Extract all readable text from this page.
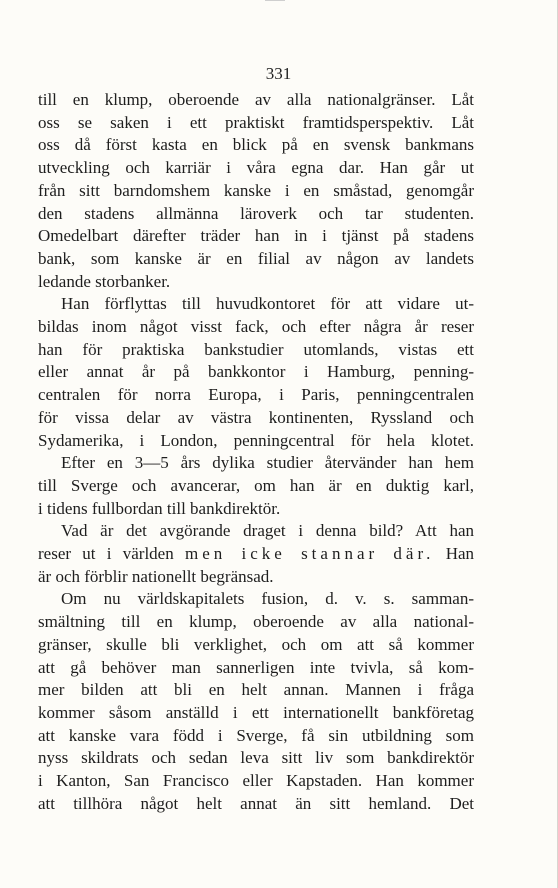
331
till en klump, oberoende av alla nationalgränser. Låt
oss se saken i ett praktiskt framtidsperspektiv. Låt
oss då först kasta en blick på en svensk bankmans
utveckling och karriär i våra egna dar. Han går ut
från sitt barndomshem kanske i en småstad, genomgår
den stadens allmänna läroverk och tar studenten.
Omedelbart därefter träder han in i tjänst på stadens
bank, som kanske är en filial av någon av landets
ledande storbanker.
Han förflyttas till huvudkontoret för att vidare ut-
bildas inom något visst fack, och efter några år reser
han för praktiska bankstudier utomlands, vistas ett
eller annat år på bankkontor i Hamburg, penning-
centralen för norra Europa, i Paris, penningcentralen
för vissa delar av västra kontinenten, Ryssland och
Sydamerika, i London, penningcentral för hela klotet.
Efter en 3—5 års dylika studier återvänder han hem
till Sverge och avancerar, om han är en duktig karl,
i tidens fullbordan till bankdirektör.
Vad är det avgörande draget i denna bild? Att han
reser ut i världen men icke stannar där. Han
är och förblir nationellt begränsad.
Om nu världskapitalets fusion, d. v. s. samman-
smältning till en klump, oberoende av alla national-
gränser, skulle bli verklighet, och om att så kommer
att gå behöver man sannerligen inte tvivla, så kom-
mer bilden att bli en helt annan. Mannen i fråga
kommer såsom anställd i ett internationellt bankföretag
att kanske vara född i Sverge, få sin utbildning som
nyss skildrats och sedan leva sitt liv som bankdirektör
i Kanton, San Francisco eller Kapstaden. Han kommer
att tillhöra något helt annat än sitt hemland. Det
